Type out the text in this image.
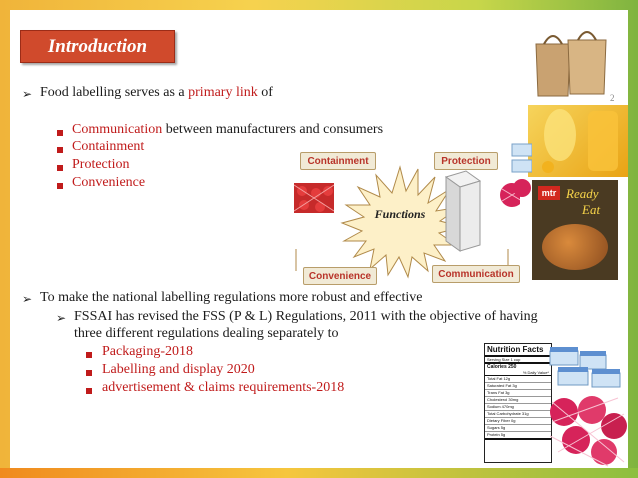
Introduction
2
➢ Food labelling serves as a primary link of
Communication between manufacturers and consumers
Containment
Protection
Convenience
Containment	Protection
Convenience	Communication
Functions
mtr Ready
Eat
➢ To make the national labelling regulations more robust and effective
➢ FSSAI has revised the FSS (P & L) Regulations, 2011 with the objective of having
three different regulations dealing separately to
Packaging-2018
Labelling and display 2020
advertisement & claims requirements-2018
Nutrition Facts
Serving Size 1 cup
Calories 250
% Daily Value*
Total Fat 12g
Saturated Fat 3g
Trans Fat 3g
Cholesterol 30mg
Sodium 470mg
Total Carbohydrate 31g
Dietary Fiber 0g
Sugars 5g
Protein 5g
